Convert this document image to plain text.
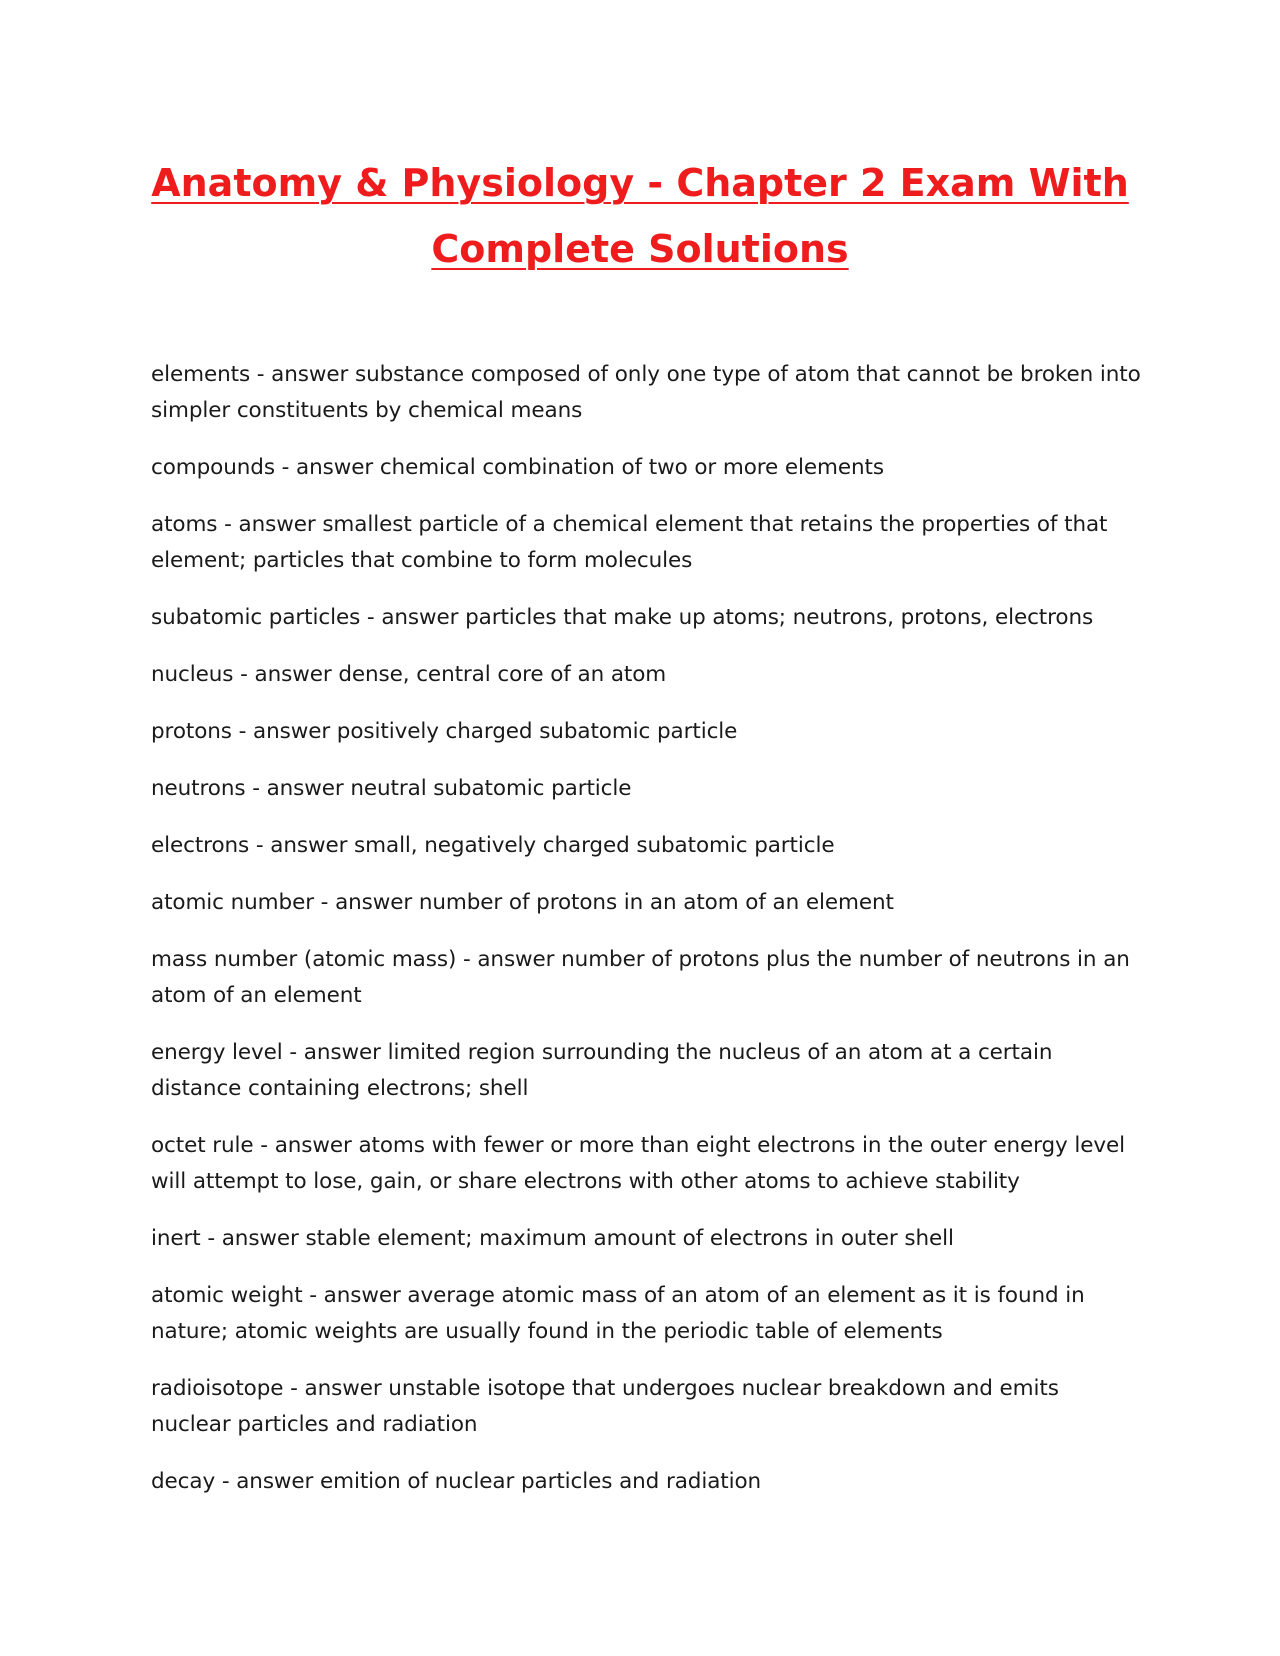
Anatomy & Physiology - Chapter 2 Exam With Complete Solutions

elements - answer substance composed of only one type of atom that cannot be broken into simpler constituents by chemical means

compounds - answer chemical combination of two or more elements

atoms - answer smallest particle of a chemical element that retains the properties of that element; particles that combine to form molecules

subatomic particles - answer particles that make up atoms; neutrons, protons, electrons

nucleus - answer dense, central core of an atom

protons - answer positively charged subatomic particle

neutrons - answer neutral subatomic particle

electrons - answer small, negatively charged subatomic particle

atomic number - answer number of protons in an atom of an element

mass number (atomic mass) - answer number of protons plus the number of neutrons in an atom of an element

energy level - answer limited region surrounding the nucleus of an atom at a certain distance containing electrons; shell

octet rule - answer atoms with fewer or more than eight electrons in the outer energy level will attempt to lose, gain, or share electrons with other atoms to achieve stability

inert - answer stable element; maximum amount of electrons in outer shell

atomic weight - answer average atomic mass of an atom of an element as it is found in nature; atomic weights are usually found in the periodic table of elements

radioisotope - answer unstable isotope that undergoes nuclear breakdown and emits nuclear particles and radiation

decay - answer emition of nuclear particles and radiation
